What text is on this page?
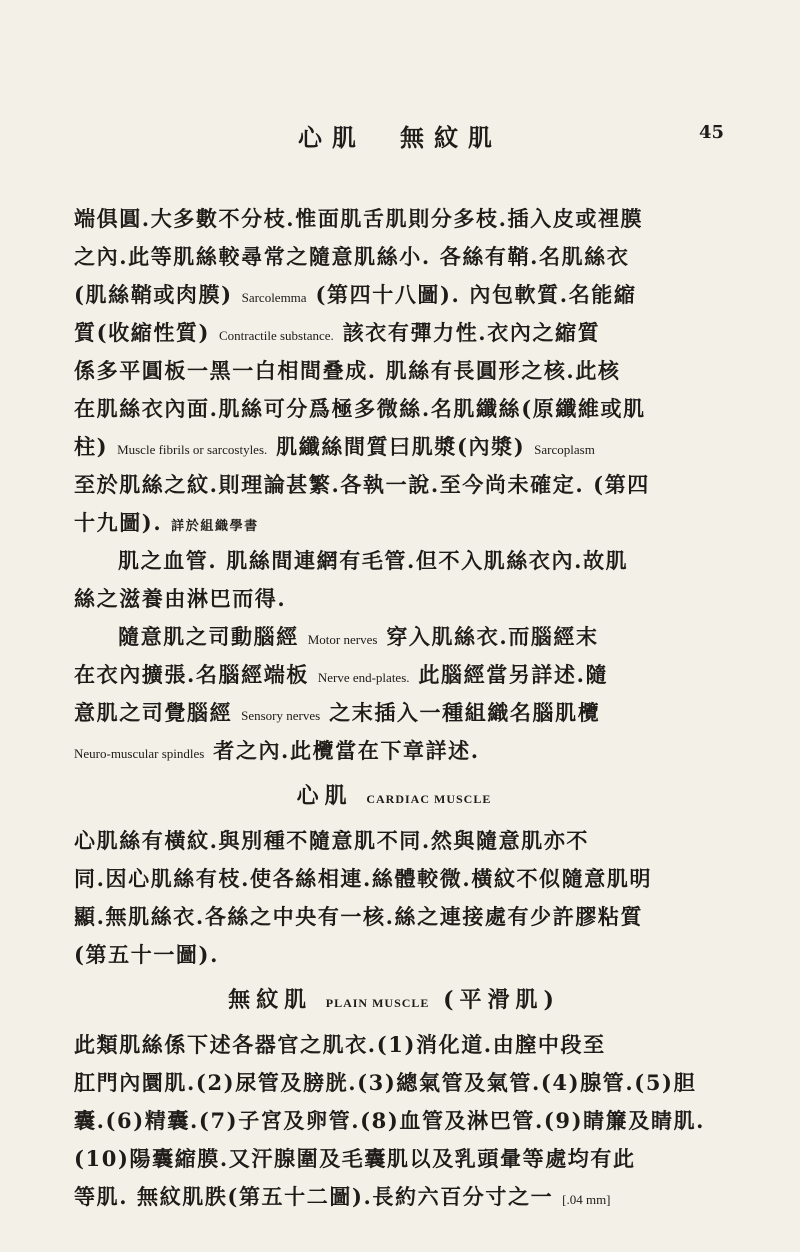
心肌　無紋肌	45
端俱圓.大多數不分枝.惟面肌舌肌則分多枝.插入皮或𥚃膜
之內.此等肌絲較尋常之隨意肌絲小. 各絲有鞘.名肌絲衣
(肌絲鞘或肉膜) Sarcolemma (第四十八圖). 內包軟質.名能縮
質(收縮性質) Contractile substance. 該衣有彈力性.衣內之縮質
係多平圓板一黑一白相間叠成. 肌絲有長圓形之核.此核
在肌絲衣內面.肌絲可分爲極多微絲.名肌纖絲(原纖維或肌
柱) Muscle fibrils or sarcostyles. 肌纖絲間質曰肌漿(內漿) Sarcoplasm
至於肌絲之紋.則理論甚繁.各執一說.至今尚未確定. (第四
十九圖). 詳於組織學書
肌之血管. 肌絲間連網有毛管.但不入肌絲衣內.故肌
絲之滋養由淋巴而得.
隨意肌之司動腦經 Motor nerves 穿入肌絲衣.而腦經末
在衣內擴張.名腦經端板 Nerve end-plates. 此腦經當另詳述.隨
意肌之司覺腦經 Sensory nerves 之末插入一種組織名腦肌欖
Neuro-muscular spindles 者之內.此欖當在下章詳述.
心肌 CARDIAC MUSCLE
心肌絲有橫紋.與別種不隨意肌不同.然與隨意肌亦不
同.因心肌絲有枝.使各絲相連.絲體較微.橫紋不似隨意肌明
顯.無肌絲衣.各絲之中央有一核.絲之連接處有少許膠粘質
(第五十一圖).
無紋肌 PLAIN MUSCLE (平滑肌)
此類肌絲係下述各器官之肌衣.(1)消化道.由膣中段至
肛門內圜肌.(2)尿管及膀胱.(3)總氣管及氣管.(4)腺管.(5)胆
囊.(6)精囊.(7)子宮及卵管.(8)血管及淋巴管.(9)睛簾及睛肌.
(10)陽囊縮膜.又汗腺圍及毛囊肌以及乳頭暈等處均有此
等肌. 無紋肌胅(第五十二圖).長約六百分寸之一 [.04 mm]
